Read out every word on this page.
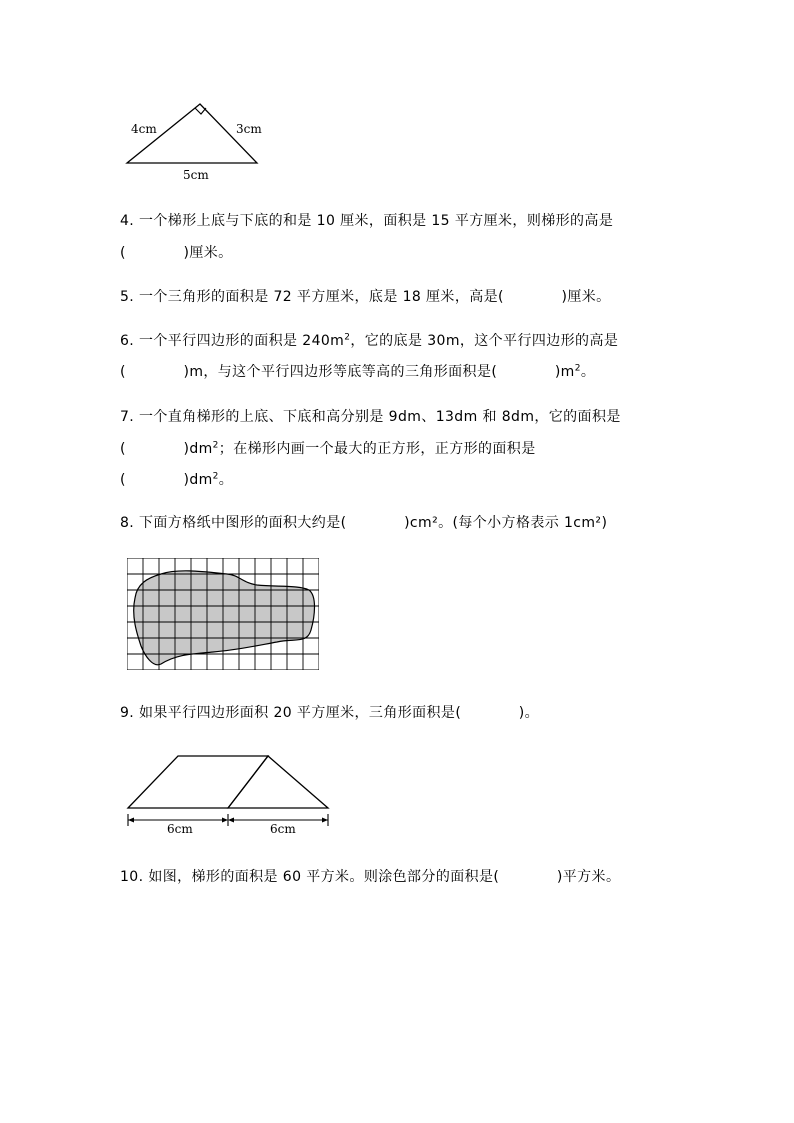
4cm	3cm
5cm
4. 一个梯形上底与下底的和是 10 厘米，面积是 15 平方厘米，则梯形的高是
(　　　　)厘米。
5. 一个三角形的面积是 72 平方厘米，底是 18 厘米，高是(　　　　)厘米。
6. 一个平行四边形的面积是 $240m^2$，它的底是 30m，这个平行四边形的高是
(　　　　)m，与这个平行四边形等底等高的三角形面积是(　　　　)$m^2$。
7. 一个直角梯形的上底、下底和高分别是 9dm、13dm 和 8dm，它的面积是
(　　　　)$dm^2$；在梯形内画一个最大的正方形，正方形的面积是
(　　　　)$dm^2$。
8. 下面方格纸中图形的面积大约是(　　　　)cm²。(每个小方格表示 1cm²)
9. 如果平行四边形面积 20 平方厘米，三角形面积是(　　　　)。
6cm	6cm
10. 如图，梯形的面积是 60 平方米。则涂色部分的面积是(　　　　)平方米。
